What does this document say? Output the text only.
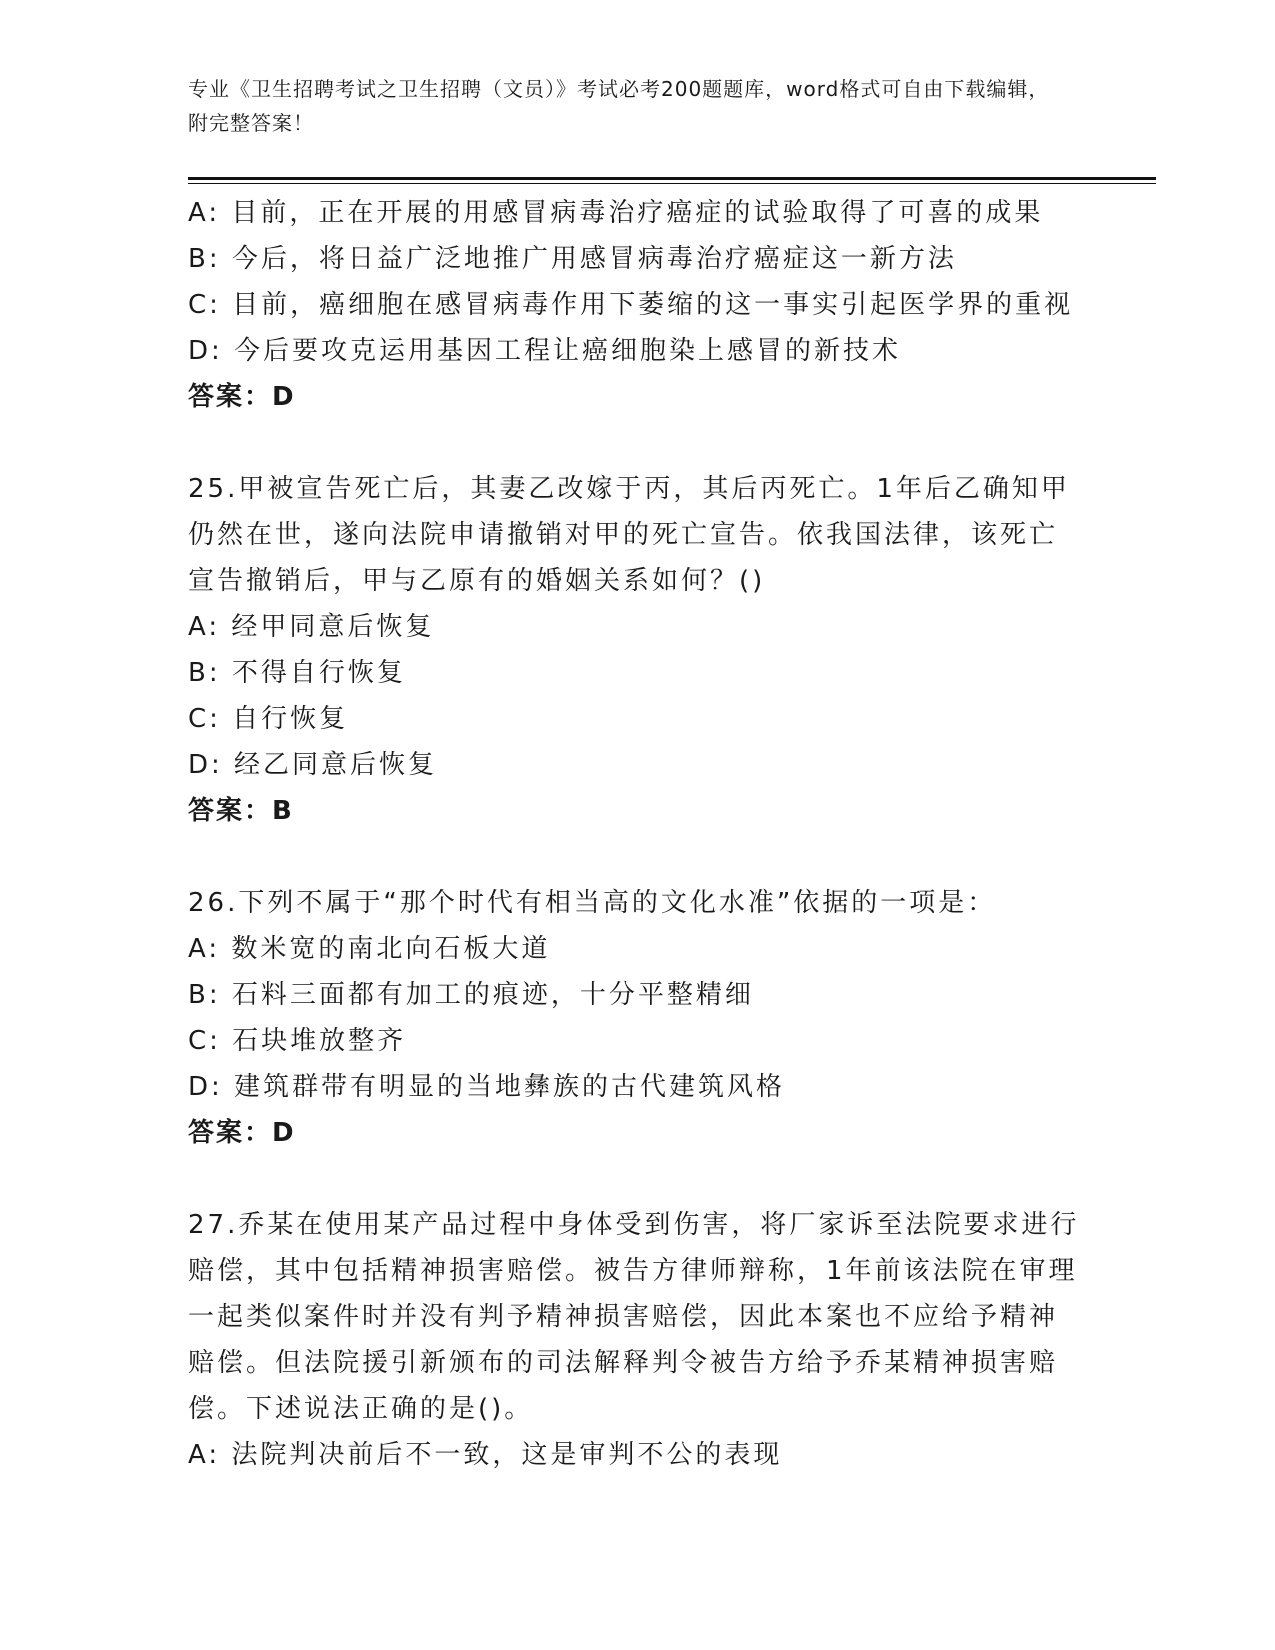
专业《卫生招聘考试之卫生招聘（文员）》考试必考200题题库，word格式可自由下载编辑，附完整答案！
A: 目前，正在开展的用感冒病毒治疗癌症的试验取得了可喜的成果
B: 今后，将日益广泛地推广用感冒病毒治疗癌症这一新方法
C: 目前，癌细胞在感冒病毒作用下萎缩的这一事实引起医学界的重视
D: 今后要攻克运用基因工程让癌细胞染上感冒的新技术
答案：D
25.甲被宣告死亡后，其妻乙改嫁于丙，其后丙死亡。1年后乙确知甲
仍然在世，遂向法院申请撤销对甲的死亡宣告。依我国法律，该死亡
宣告撤销后，甲与乙原有的婚姻关系如何？()
A: 经甲同意后恢复
B: 不得自行恢复
C: 自行恢复
D: 经乙同意后恢复
答案：B
26.下列不属于“那个时代有相当高的文化水准”依据的一项是：
A: 数米宽的南北向石板大道
B: 石料三面都有加工的痕迹，十分平整精细
C: 石块堆放整齐
D: 建筑群带有明显的当地彝族的古代建筑风格
答案：D
27.乔某在使用某产品过程中身体受到伤害，将厂家诉至法院要求进行
赔偿，其中包括精神损害赔偿。被告方律师辩称，1年前该法院在审理
一起类似案件时并没有判予精神损害赔偿，因此本案也不应给予精神
赔偿。但法院援引新颁布的司法解释判令被告方给予乔某精神损害赔
偿。下述说法正确的是()。
A: 法院判决前后不一致，这是审判不公的表现
